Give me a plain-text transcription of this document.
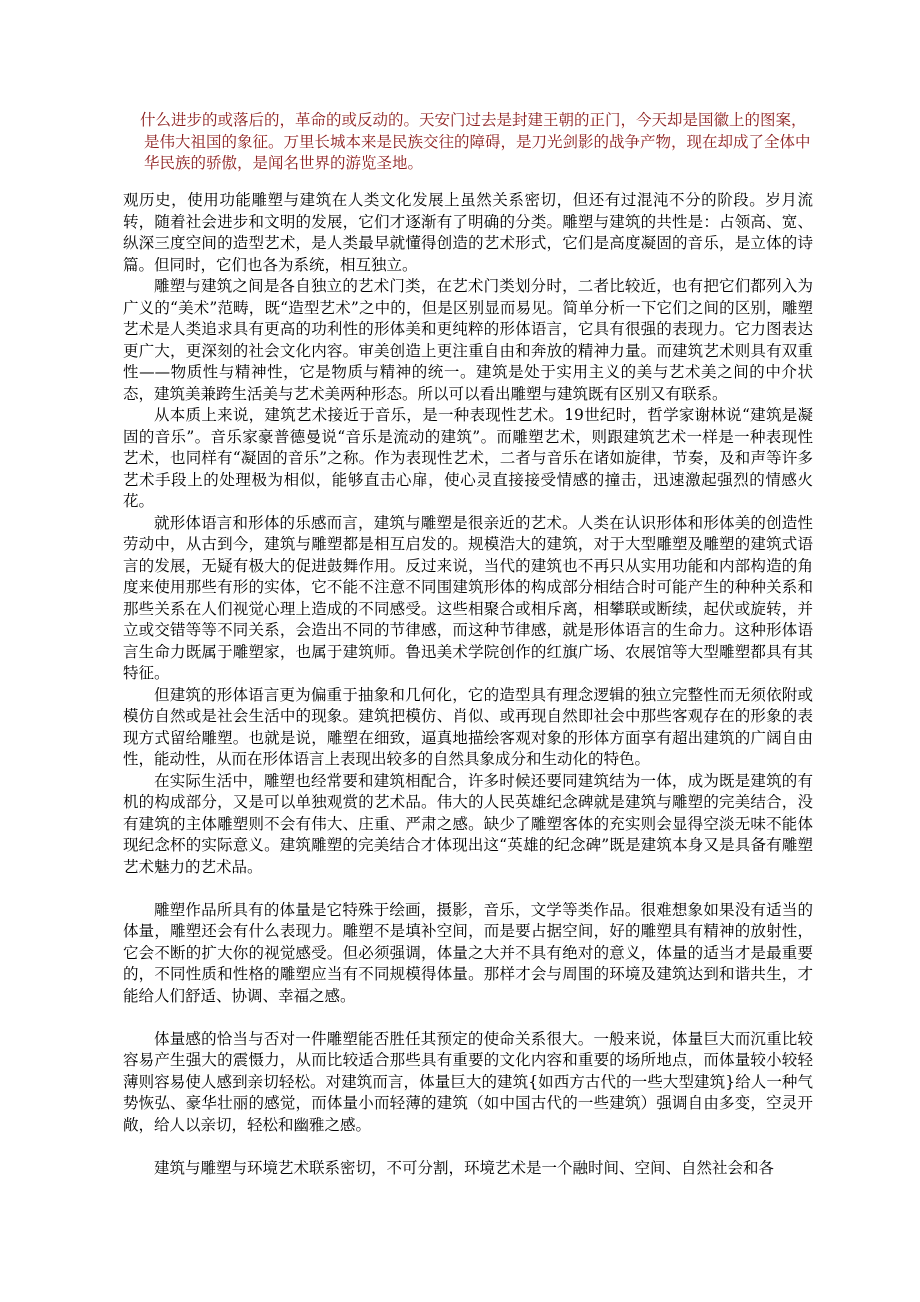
什么进步的或落后的，革命的或反动的。天安门过去是封建王朝的正门，今天却是国徽上的图案，是伟大祖国的象征。万里长城本来是民族交往的障碍，是刀光剑影的战争产物，现在却成了全体中华民族的骄傲，是闻名世界的游览圣地。

观历史，使用功能雕塑与建筑在人类文化发展上虽然关系密切，但还有过混沌不分的阶段。岁月流转，随着社会进步和文明的发展，它们才逐渐有了明确的分类。雕塑与建筑的共性是：占领高、宽、纵深三度空间的造型艺术，是人类最早就懂得创造的艺术形式，它们是高度凝固的音乐，是立体的诗篇。但同时，它们也各为系统，相互独立。

雕塑与建筑之间是各自独立的艺术门类，在艺术门类划分时，二者比较近，也有把它们都列入为广义的“美术”范畴，既“造型艺术”之中的，但是区别显而易见。简单分析一下它们之间的区别，雕塑艺术是人类追求具有更高的功利性的形体美和更纯粹的形体语言，它具有很强的表现力。它力图表达更广大，更深刻的社会文化内容。审美创造上更注重自由和奔放的精神力量。而建筑艺术则具有双重性——物质性与精神性，它是物质与精神的统一。建筑是处于实用主义的美与艺术美之间的中介状态，建筑美兼跨生活美与艺术美两种形态。所以可以看出雕塑与建筑既有区别又有联系。

从本质上来说，建筑艺术接近于音乐，是一种表现性艺术。19世纪时，哲学家谢林说“建筑是凝固的音乐”。音乐家豪普德曼说“音乐是流动的建筑”。而雕塑艺术，则跟建筑艺术一样是一种表现性艺术，也同样有“凝固的音乐”之称。作为表现性艺术，二者与音乐在诸如旋律，节奏，及和声等许多艺术手段上的处理极为相似，能够直击心扉，使心灵直接接受情感的撞击，迅速激起强烈的情感火花。

就形体语言和形体的乐感而言，建筑与雕塑是很亲近的艺术。人类在认识形体和形体美的创造性劳动中，从古到今，建筑与雕塑都是相互启发的。规模浩大的建筑，对于大型雕塑及雕塑的建筑式语言的发展，无疑有极大的促进鼓舞作用。反过来说，当代的建筑也不再只从实用功能和内部构造的角度来使用那些有形的实体，它不能不注意不同围建筑形体的构成部分相结合时可能产生的种种关系和那些关系在人们视觉心理上造成的不同感受。这些相聚合或相斥离，相攀联或断续，起伏或旋转，并立或交错等等不同关系，会造出不同的节律感，而这种节律感，就是形体语言的生命力。这种形体语言生命力既属于雕塑家，也属于建筑师。鲁迅美术学院创作的红旗广场、农展馆等大型雕塑都具有其特征。

但建筑的形体语言更为偏重于抽象和几何化，它的造型具有理念逻辑的独立完整性而无须依附或模仿自然或是社会生活中的现象。建筑把模仿、肖似、或再现自然即社会中那些客观存在的形象的表现方式留给雕塑。也就是说，雕塑在细致，逼真地描绘客观对象的形体方面享有超出建筑的广阔自由性，能动性，从而在形体语言上表现出较多的自然具象成分和生动化的特色。

在实际生活中，雕塑也经常要和建筑相配合，许多时候还要同建筑结为一体，成为既是建筑的有机的构成部分，又是可以单独观赏的艺术品。伟大的人民英雄纪念碑就是建筑与雕塑的完美结合，没有建筑的主体雕塑则不会有伟大、庄重、严肃之感。缺少了雕塑客体的充实则会显得空淡无味不能体现纪念杯的实际意义。建筑雕塑的完美结合才体现出这“英雄的纪念碑”既是建筑本身又是具备有雕塑艺术魅力的艺术品。

雕塑作品所具有的体量是它特殊于绘画，摄影，音乐，文学等类作品。很难想象如果没有适当的体量，雕塑还会有什么表现力。雕塑不是填补空间，而是要占据空间，好的雕塑具有精神的放射性，它会不断的扩大你的视觉感受。但必须强调，体量之大并不具有绝对的意义，体量的适当才是最重要的，不同性质和性格的雕塑应当有不同规模得体量。那样才会与周围的环境及建筑达到和谐共生，才能给人们舒适、协调、幸福之感。

体量感的恰当与否对一件雕塑能否胜任其预定的使命关系很大。一般来说，体量巨大而沉重比较容易产生强大的震慑力，从而比较适合那些具有重要的文化内容和重要的场所地点，而体量较小较轻薄则容易使人感到亲切轻松。对建筑而言，体量巨大的建筑{如西方古代的一些大型建筑}给人一种气势恢弘、豪华壮丽的感觉，而体量小而轻薄的建筑（如中国古代的一些建筑）强调自由多变，空灵开敞，给人以亲切，轻松和幽雅之感。

建筑与雕塑与环境艺术联系密切，不可分割，环境艺术是一个融时间、空间、自然社会和各
